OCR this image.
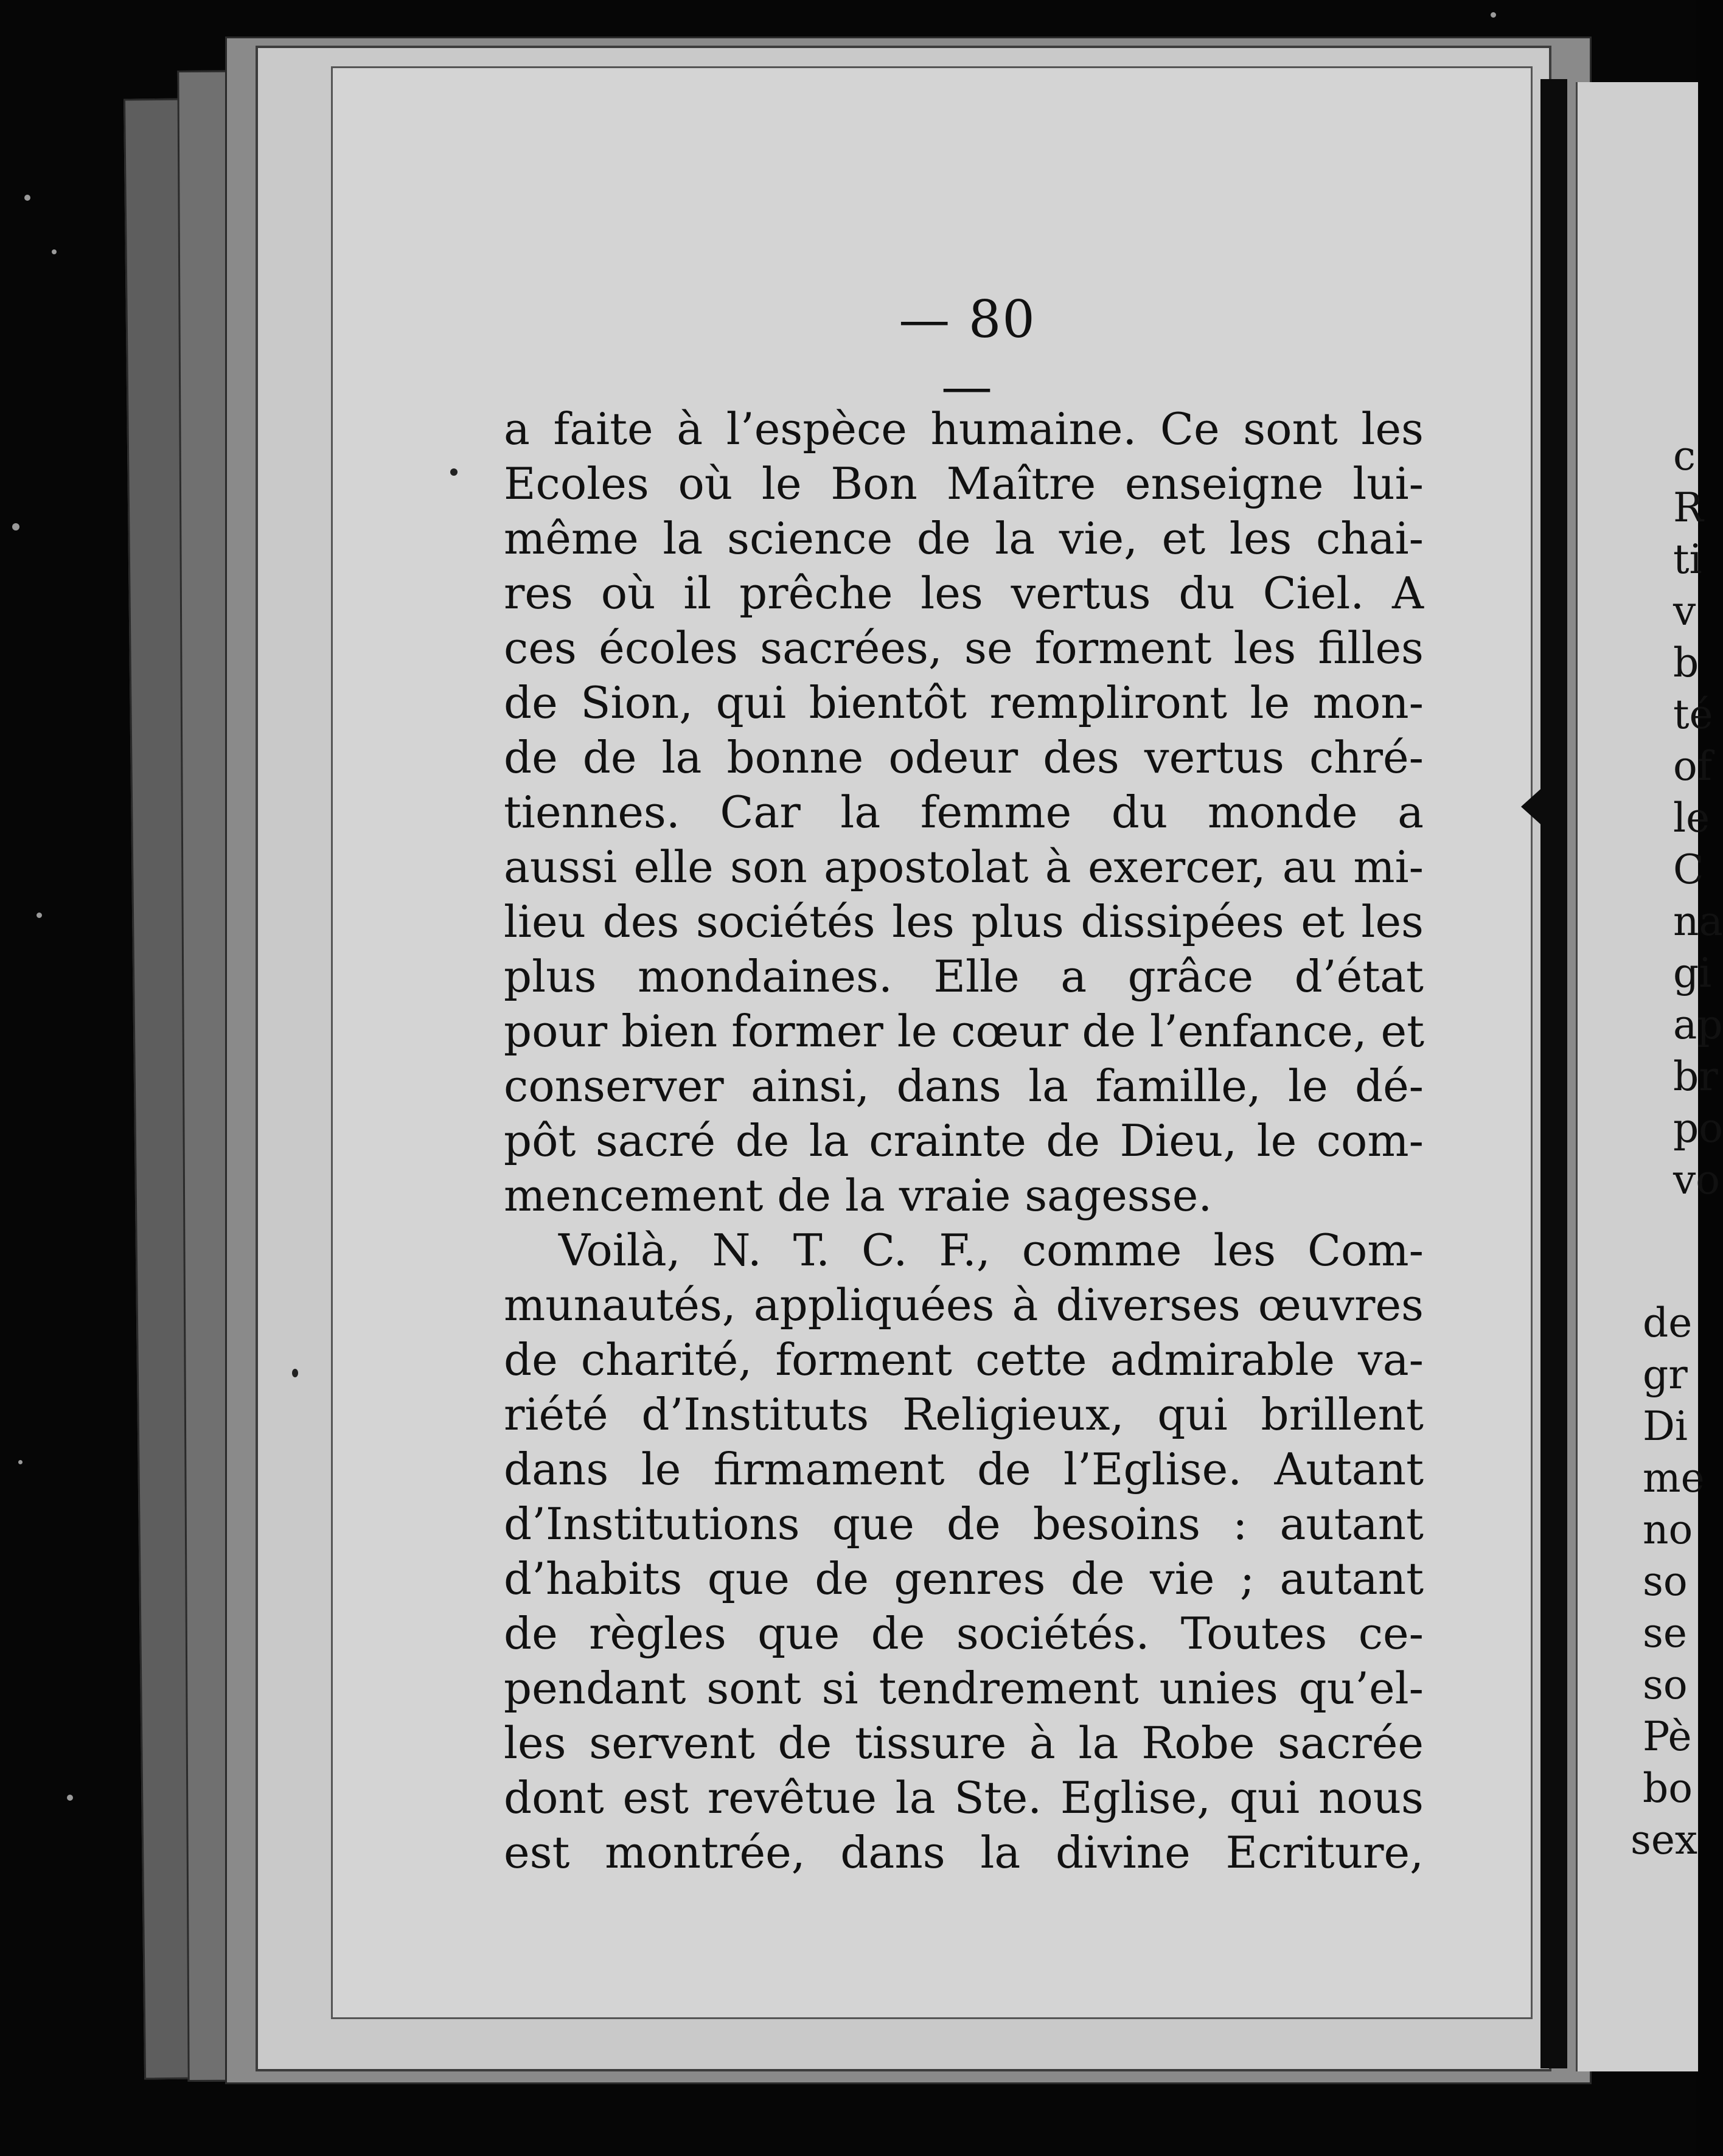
— 80 —
a faite à l’espèce humaine. Ce sont les
Ecoles où le Bon Maître enseigne lui-
même la science de la vie, et les chai-
res où il prêche les vertus du Ciel. A
ces écoles sacrées, se forment les filles
de Sion, qui bientôt rempliront le mon-
de de la bonne odeur des vertus chré-
tiennes. Car la femme du monde a
aussi elle son apostolat à exercer, au mi-
lieu des sociétés les plus dissipées et les
plus mondaines. Elle a grâce d’état
pour bien former le cœur de l’enfance, et
conserver ainsi, dans la famille, le dé-
pôt sacré de la crainte de Dieu, le com-
mencement de la vraie sagesse.
Voilà, N. T. C. F., comme les Com-
munautés, appliquées à diverses œuvres
de charité, forment cette admirable va-
riété d’Instituts Religieux, qui brillent
dans le firmament de l’Eglise. Autant
d’Institutions que de besoins : autant
d’habits que de genres de vie ; autant
de règles que de sociétés. Toutes ce-
pendant sont si tendrement unies qu’el-
les servent de tissure à la Robe sacrée
dont est revêtue la Ste. Eglise, qui nous
est montrée, dans la divine Ecriture,
c
R
ti
v
b
té
of
le
C
na
gi
ap
br
po
vo
de
gr
Di
me
no
so
se
so
Pè
bo
sex
